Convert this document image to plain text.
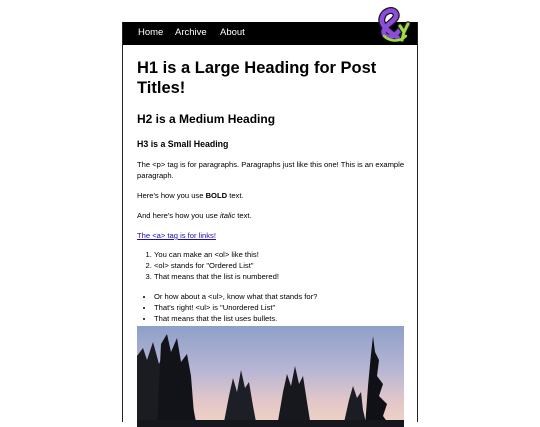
Home Archive About
H1 is a Large Heading for Post Titles!
H2 is a Medium Heading
H3 is a Small Heading

The <p> tag is for paragraphs. Paragraphs just like this one! This is an example paragraph.

Here's how you use BOLD text.

And here's how you use italic text.

The <a> tag is for links!

1. You can make an <ol> like this!
2. <ol> stands for "Ordered List"
3. That means that the list is numbered!
• Or how about a <ul>, know what that stands for?
• That's right! <ul> is "Unordered List"
• That means that the list uses bullets.
